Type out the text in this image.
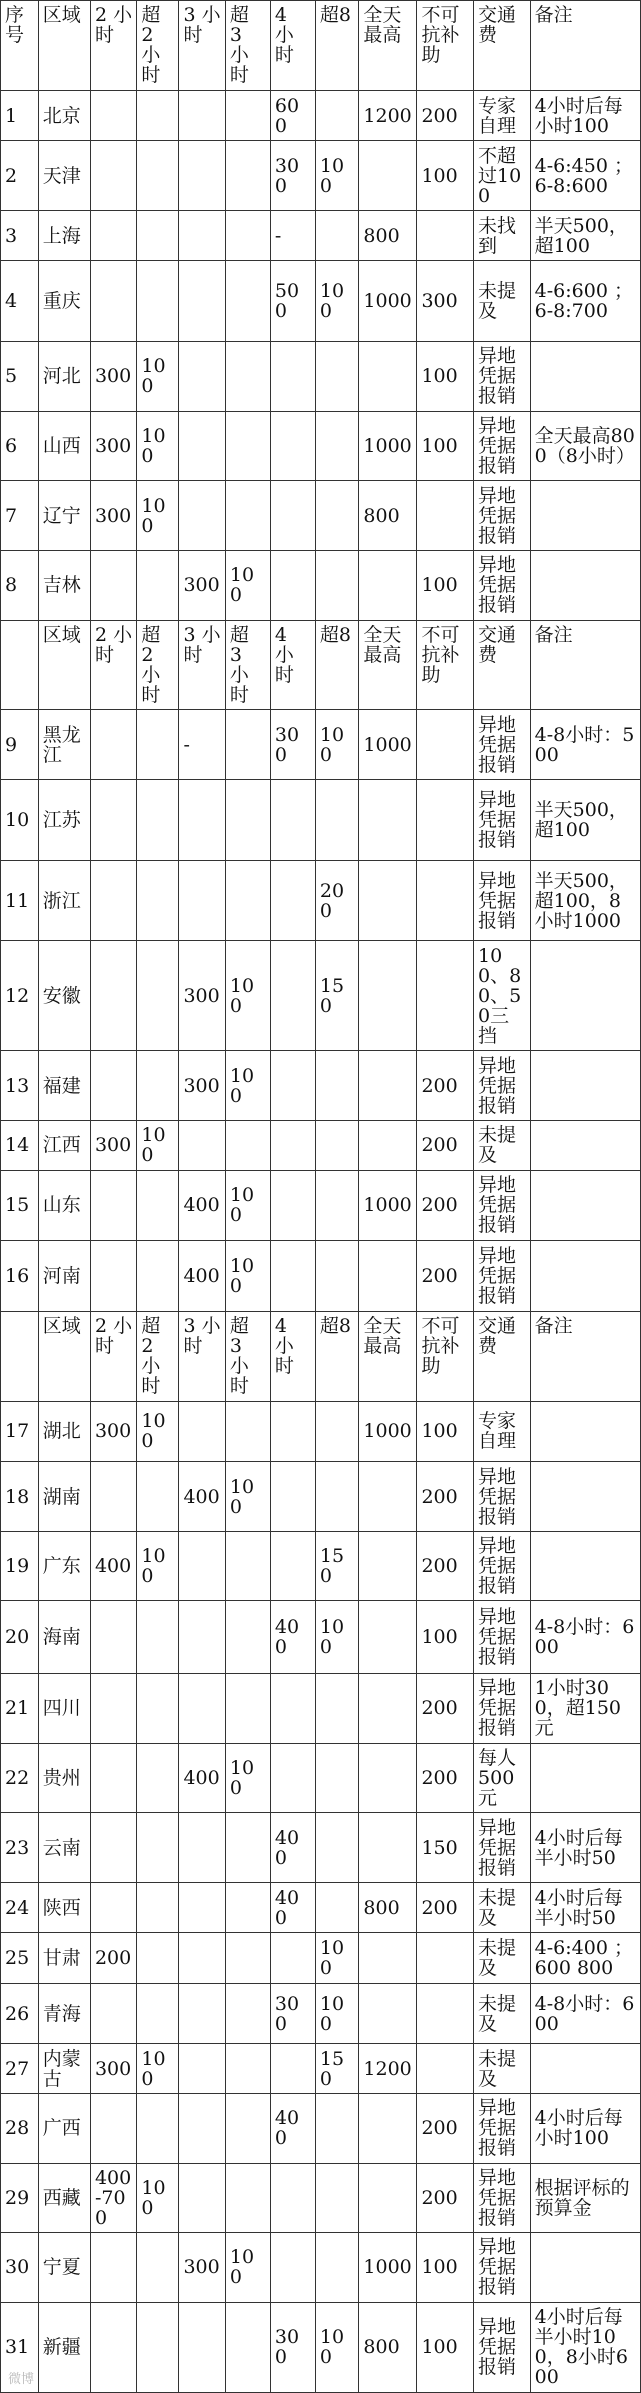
序号	区域	2 小时	超 2 小时	3 小时	超 3 小时	4 小时	超8	全天最高	不可抗补助	交通费	备注
1	北京					600		1200	200	专家自理	4小时后每小时100
2	天津					300	100		100	不超过100	4-6:450 ；6-8:600
3	上海					-		800		未找到	半天500，超100
4	重庆					500	100	1000	300	未提及	4-6:600 ；6-8:700
5	河北	300	100						100	异地凭据报销	
6	山西	300	100					1000	100	异地凭据报销	全天最高800（8小时）
7	辽宁	300	100					800		异地凭据报销	
8	吉林			300	100				100	异地凭据报销	
	区域	2 小时	超 2 小时	3 小时	超 3 小时	4 小时	超8	全天最高	不可抗补助	交通费	备注
9	黑龙江			-		300	100	1000		异地凭据报销	4-8小时：500
10	江苏									异地凭据报销	半天500，超100
11	浙江						200			异地凭据报销	半天500，超100，8小时1000
12	安徽			300	100		150			100、80、50三挡	
13	福建			300	100				200	异地凭据报销	
14	江西	300	100						200	未提及	
15	山东			400	100			1000	200	异地凭据报销	
16	河南			400	100				200	异地凭据报销	
	区域	2 小时	超 2 小时	3 小时	超 3 小时	4 小时	超8	全天最高	不可抗补助	交通费	备注
17	湖北	300	100					1000	100	专家自理	
18	湖南			400	100				200	异地凭据报销	
19	广东	400	100				150		200	异地凭据报销	
20	海南					400	100		100	异地凭据报销	4-8小时：600
21	四川								200	异地凭据报销	1小时300，超150元
22	贵州			400	100				200	每人500元	
23	云南					400			150	异地凭据报销	4小时后每半小时50
24	陕西					400		800	200	未提及	4小时后每半小时50
25	甘肃	200					100			未提及	4-6:400 ；600 800
26	青海					300	100			未提及	4-8小时：600
27	内蒙古	300	100				150	1200		未提及	
28	广西					400			200	异地凭据报销	4小时后每小时100
29	西藏	400-700	100						200	异地凭据报销	根据评标的预算金
30	宁夏			300	100			1000	100	异地凭据报销	
31	新疆					300	100	800	100	异地凭据报销	4小时后每半小时100，8小时600
微博
